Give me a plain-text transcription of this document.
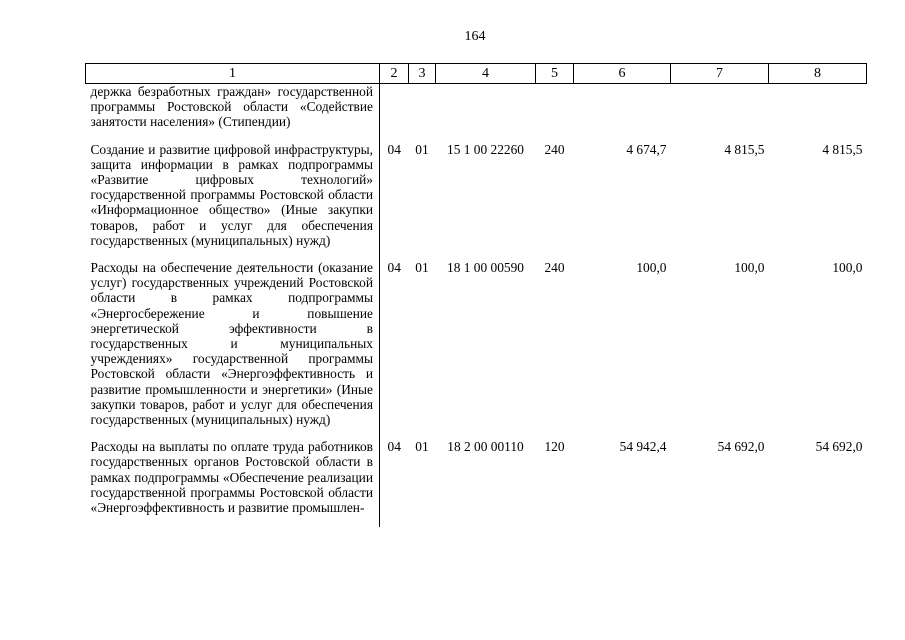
164
1	2	3	4	5	6	7	8
держка безработных граждан» государственной программы Ростовской области «Содействие занятости населения» (Стипендии)							
Создание и развитие цифровой инфраструктуры, защита информации в рамках подпрограммы «Развитие цифровых технологий» государственной программы Ростовской области «Информационное общество» (Иные закупки товаров, работ и услуг для обеспечения государственных (муниципальных) нужд)	04	01	15 1 00 22260	240	4 674,7	4 815,5	4 815,5
Расходы на обеспечение деятельности (оказание услуг) государственных учреждений Ростовской области в рамках подпрограммы «Энергосбережение и повышение энергетической эффективности в государственных и муниципальных учреждениях» государственной программы Ростовской области «Энергоэффективность и развитие промышленности и энергетики» (Иные закупки товаров, работ и услуг для обеспечения государственных (муниципальных) нужд)	04	01	18 1 00 00590	240	100,0	100,0	100,0
Расходы на выплаты по оплате труда работников государственных органов Ростовской области в рамках подпрограммы «Обеспечение реализации государственной программы Ростовской области «Энергоэффективность и развитие промышлен-	04	01	18 2 00 00110	120	54 942,4	54 692,0	54 692,0
